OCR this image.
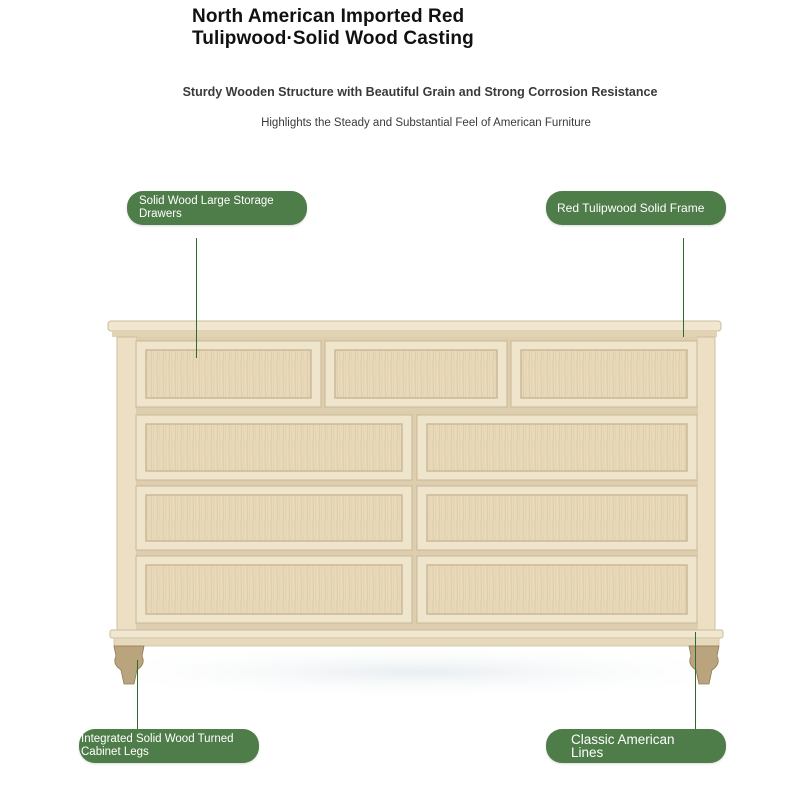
North American Imported Red
Tulipwood·Solid Wood Casting
Sturdy Wooden Structure with Beautiful Grain and Strong Corrosion Resistance
Highlights the Steady and Substantial Feel of American Furniture
Solid Wood Large Storage Drawers	Red Tulipwood Solid Frame
Integrated Solid Wood Turned Cabinet Legs
Classic American Lines
